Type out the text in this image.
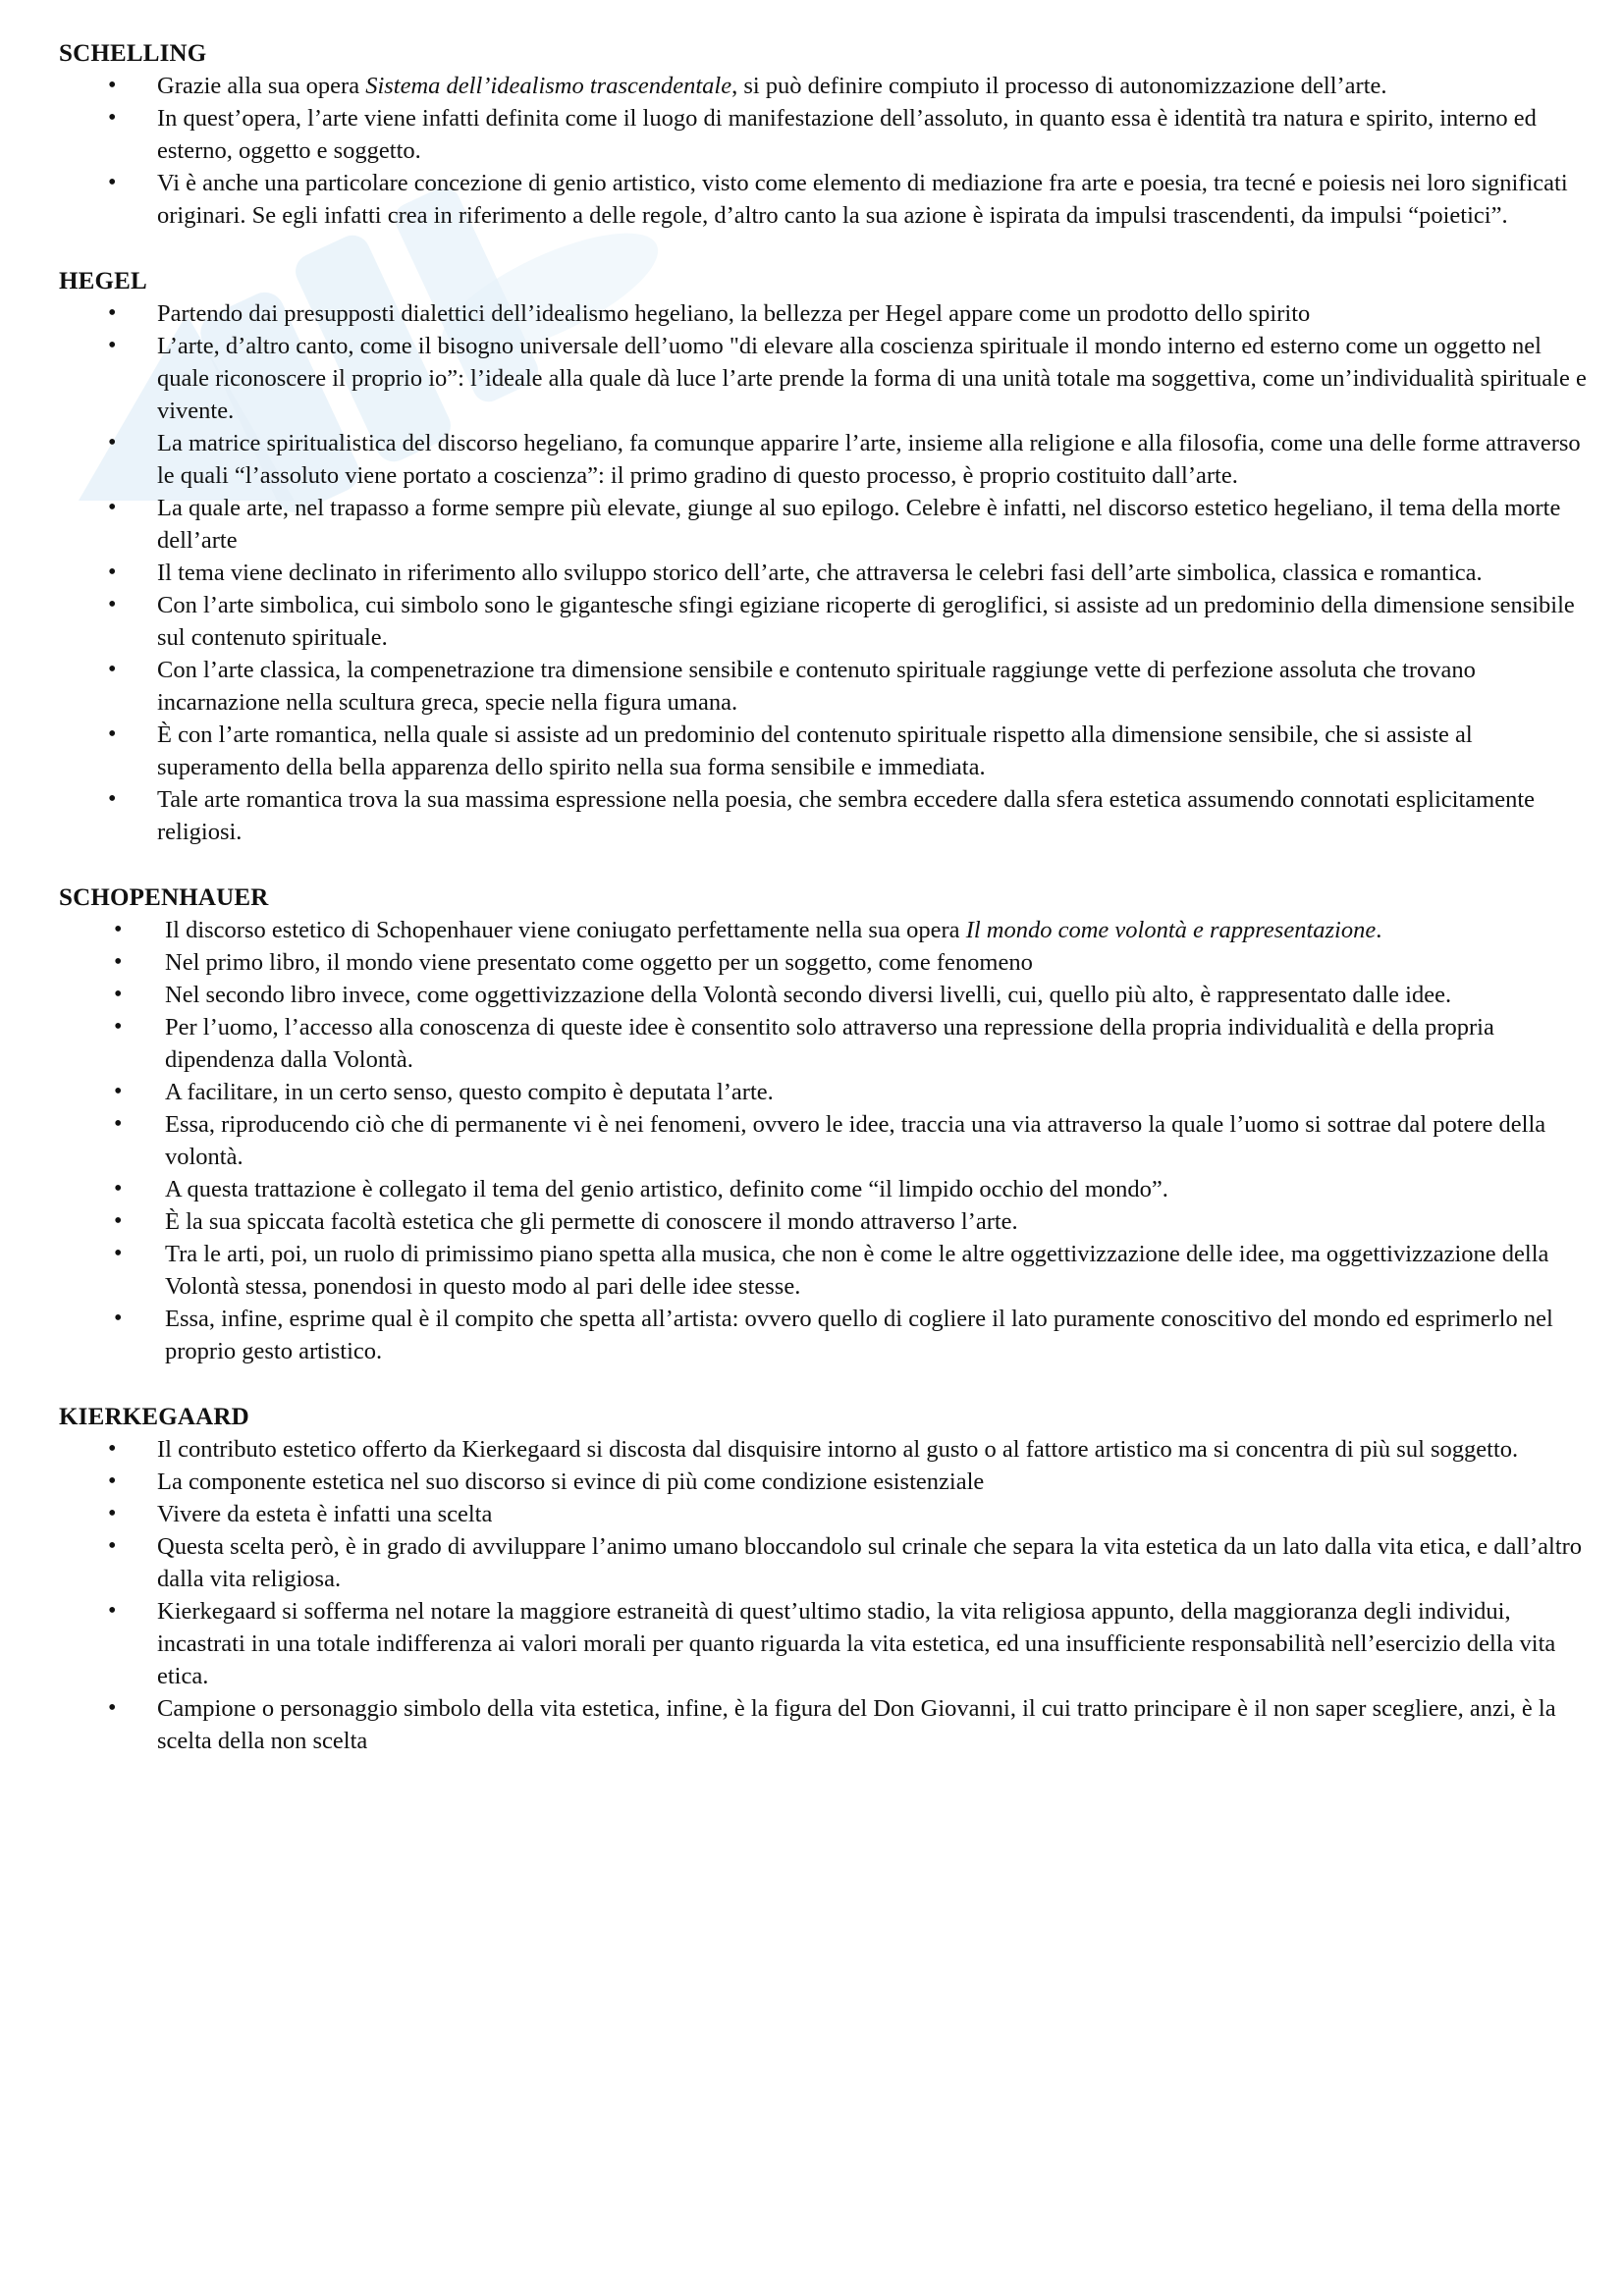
SCHELLING

• Grazie alla sua opera Sistema dell’idealismo trascendentale, si può definire compiuto il processo di autonomizzazione dell’arte.
• In quest’opera, l’arte viene infatti definita come il luogo di manifestazione dell’assoluto, in quanto essa è identità tra natura e spirito, interno ed esterno, oggetto e soggetto.
• Vi è anche una particolare concezione di genio artistico, visto come elemento di mediazione fra arte e poesia, tra tecné e poiesis nei loro significati originari. Se egli infatti crea in riferimento a delle regole, d’altro canto la sua azione è ispirata da impulsi trascendenti, da impulsi “poietici”.

HEGEL

• Partendo dai presupposti dialettici dell’idealismo hegeliano, la bellezza per Hegel appare come un prodotto dello spirito
• L’arte, d’altro canto, come il bisogno universale dell’uomo "di elevare alla coscienza spirituale il mondo interno ed esterno come un oggetto nel quale riconoscere il proprio io”: l’ideale alla quale dà luce l’arte prende la forma di una unità totale ma soggettiva, come un’individualità spirituale e vivente.
• La matrice spiritualistica del discorso hegeliano, fa comunque apparire l’arte, insieme alla religione e alla filosofia, come una delle forme attraverso le quali “l’assoluto viene portato a coscienza”: il primo gradino di questo processo, è proprio costituito dall’arte.
• La quale arte, nel trapasso a forme sempre più elevate, giunge al suo epilogo. Celebre è infatti, nel discorso estetico hegeliano, il tema della morte dell’arte
• Il tema viene declinato in riferimento allo sviluppo storico dell’arte, che attraversa le celebri fasi dell’arte simbolica, classica e romantica.
• Con l’arte simbolica, cui simbolo sono le gigantesche sfingi egiziane ricoperte di geroglifici, si assiste ad un predominio della dimensione sensibile sul contenuto spirituale.
• Con l’arte classica, la compenetrazione tra dimensione sensibile e contenuto spirituale raggiunge vette di perfezione assoluta che trovano incarnazione nella scultura greca, specie nella figura umana.
• È con l’arte romantica, nella quale si assiste ad un predominio del contenuto spirituale rispetto alla dimensione sensibile, che si assiste al superamento della bella apparenza dello spirito nella sua forma sensibile e immediata.
• Tale arte romantica trova la sua massima espressione nella poesia, che sembra eccedere dalla sfera estetica assumendo connotati esplicitamente religiosi.

SCHOPENHAUER

• Il discorso estetico di Schopenhauer viene coniugato perfettamente nella sua opera Il mondo come volontà e rappresentazione.
• Nel primo libro, il mondo viene presentato come oggetto per un soggetto, come fenomeno
• Nel secondo libro invece, come oggettivizzazione della Volontà secondo diversi livelli, cui, quello più alto, è rappresentato dalle idee.
• Per l’uomo, l’accesso alla conoscenza di queste idee è consentito solo attraverso una repressione della propria individualità e della propria dipendenza dalla Volontà.
• A facilitare, in un certo senso, questo compito è deputata l’arte.
• Essa, riproducendo ciò che di permanente vi è nei fenomeni, ovvero le idee, traccia una via attraverso la quale l’uomo si sottrae dal potere della volontà.
• A questa trattazione è collegato il tema del genio artistico, definito come “il limpido occhio del mondo”.
• È la sua spiccata facoltà estetica che gli permette di conoscere il mondo attraverso l’arte.
• Tra le arti, poi, un ruolo di primissimo piano spetta alla musica, che non è come le altre oggettivizzazione delle idee, ma oggettivizzazione della Volontà stessa, ponendosi in questo modo al pari delle idee stesse.
• Essa, infine, esprime qual è il compito che spetta all’artista: ovvero quello di cogliere il lato puramente conoscitivo del mondo ed esprimerlo nel proprio gesto artistico.

KIERKEGAARD

• Il contributo estetico offerto da Kierkegaard si discosta dal disquisire intorno al gusto o al fattore artistico ma si concentra di più sul soggetto.
• La componente estetica nel suo discorso si evince di più come condizione esistenziale
• Vivere da esteta è infatti una scelta
• Questa scelta però, è in grado di avviluppare l’animo umano bloccandolo sul crinale che separa la vita estetica da un lato dalla vita etica, e dall’altro dalla vita religiosa.
• Kierkegaard si sofferma nel notare la maggiore estraneità di quest’ultimo stadio, la vita religiosa appunto, della maggioranza degli individui, incastrati in una totale indifferenza ai valori morali per quanto riguarda la vita estetica, ed una insufficiente responsabilità nell’esercizio della vita etica.
• Campione o personaggio simbolo della vita estetica, infine, è la figura del Don Giovanni, il cui tratto principare è il non saper scegliere, anzi, è la scelta della non scelta
